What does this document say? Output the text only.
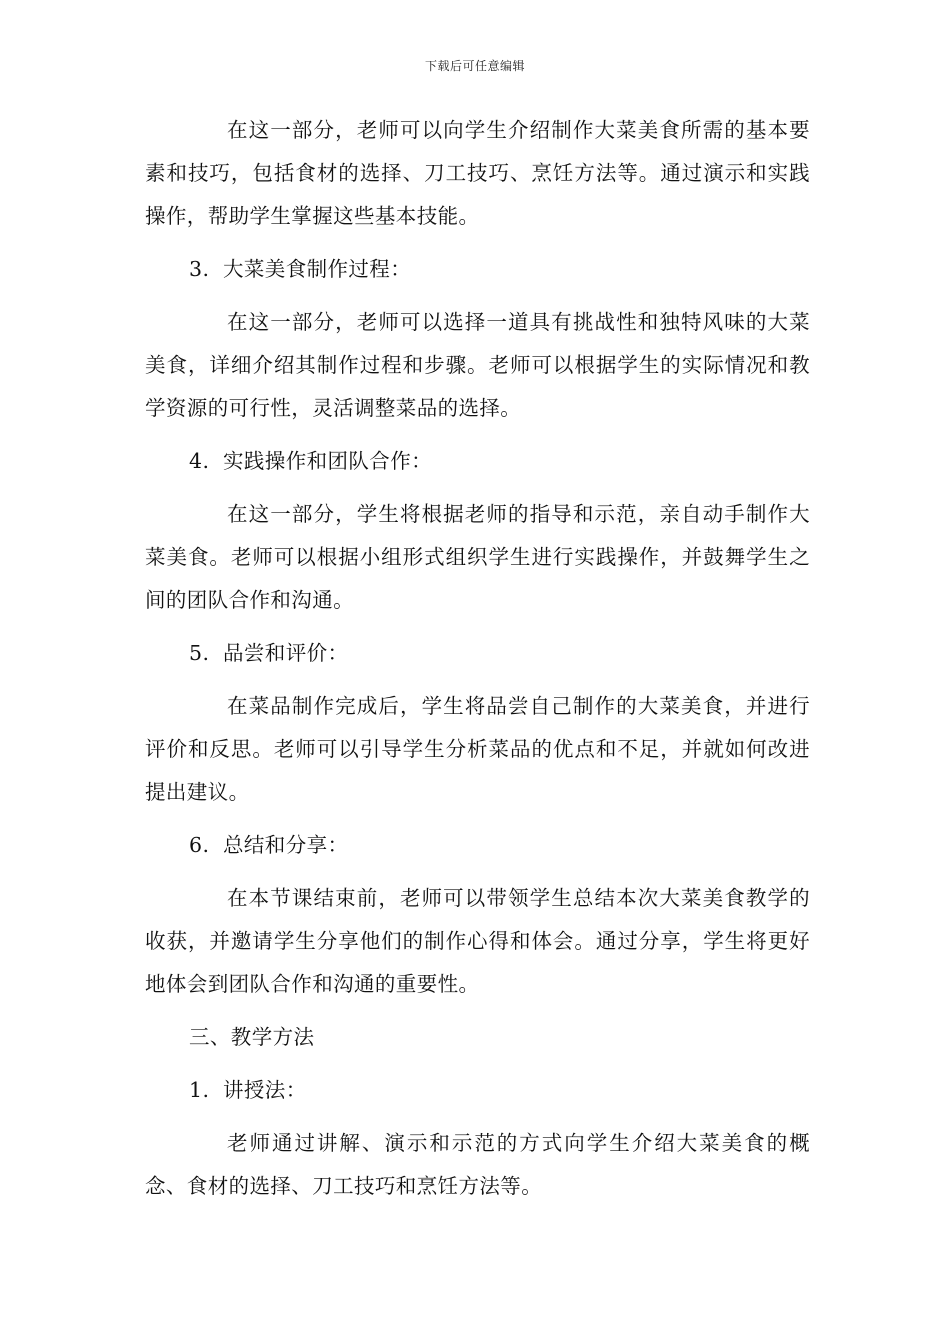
下载后可任意编辑

在这一部分，老师可以向学生介绍制作大菜美食所需的基本要素和技巧，包括食材的选择、刀工技巧、烹饪方法等。通过演示和实践操作，帮助学生掌握这些基本技能。

3. 大菜美食制作过程：

在这一部分，老师可以选择一道具有挑战性和独特风味的大菜美食，详细介绍其制作过程和步骤。老师可以根据学生的实际情况和教学资源的可行性，灵活调整菜品的选择。

4. 实践操作和团队合作：

在这一部分，学生将根据老师的指导和示范，亲自动手制作大菜美食。老师可以根据小组形式组织学生进行实践操作，并鼓舞学生之间的团队合作和沟通。

5. 品尝和评价：

在菜品制作完成后，学生将品尝自己制作的大菜美食，并进行评价和反思。老师可以引导学生分析菜品的优点和不足，并就如何改进提出建议。

6. 总结和分享：

在本节课结束前，老师可以带领学生总结本次大菜美食教学的收获，并邀请学生分享他们的制作心得和体会。通过分享，学生将更好地体会到团队合作和沟通的重要性。

三、教学方法
1. 讲授法：

老师通过讲解、演示和示范的方式向学生介绍大菜美食的概念、食材的选择、刀工技巧和烹饪方法等。
